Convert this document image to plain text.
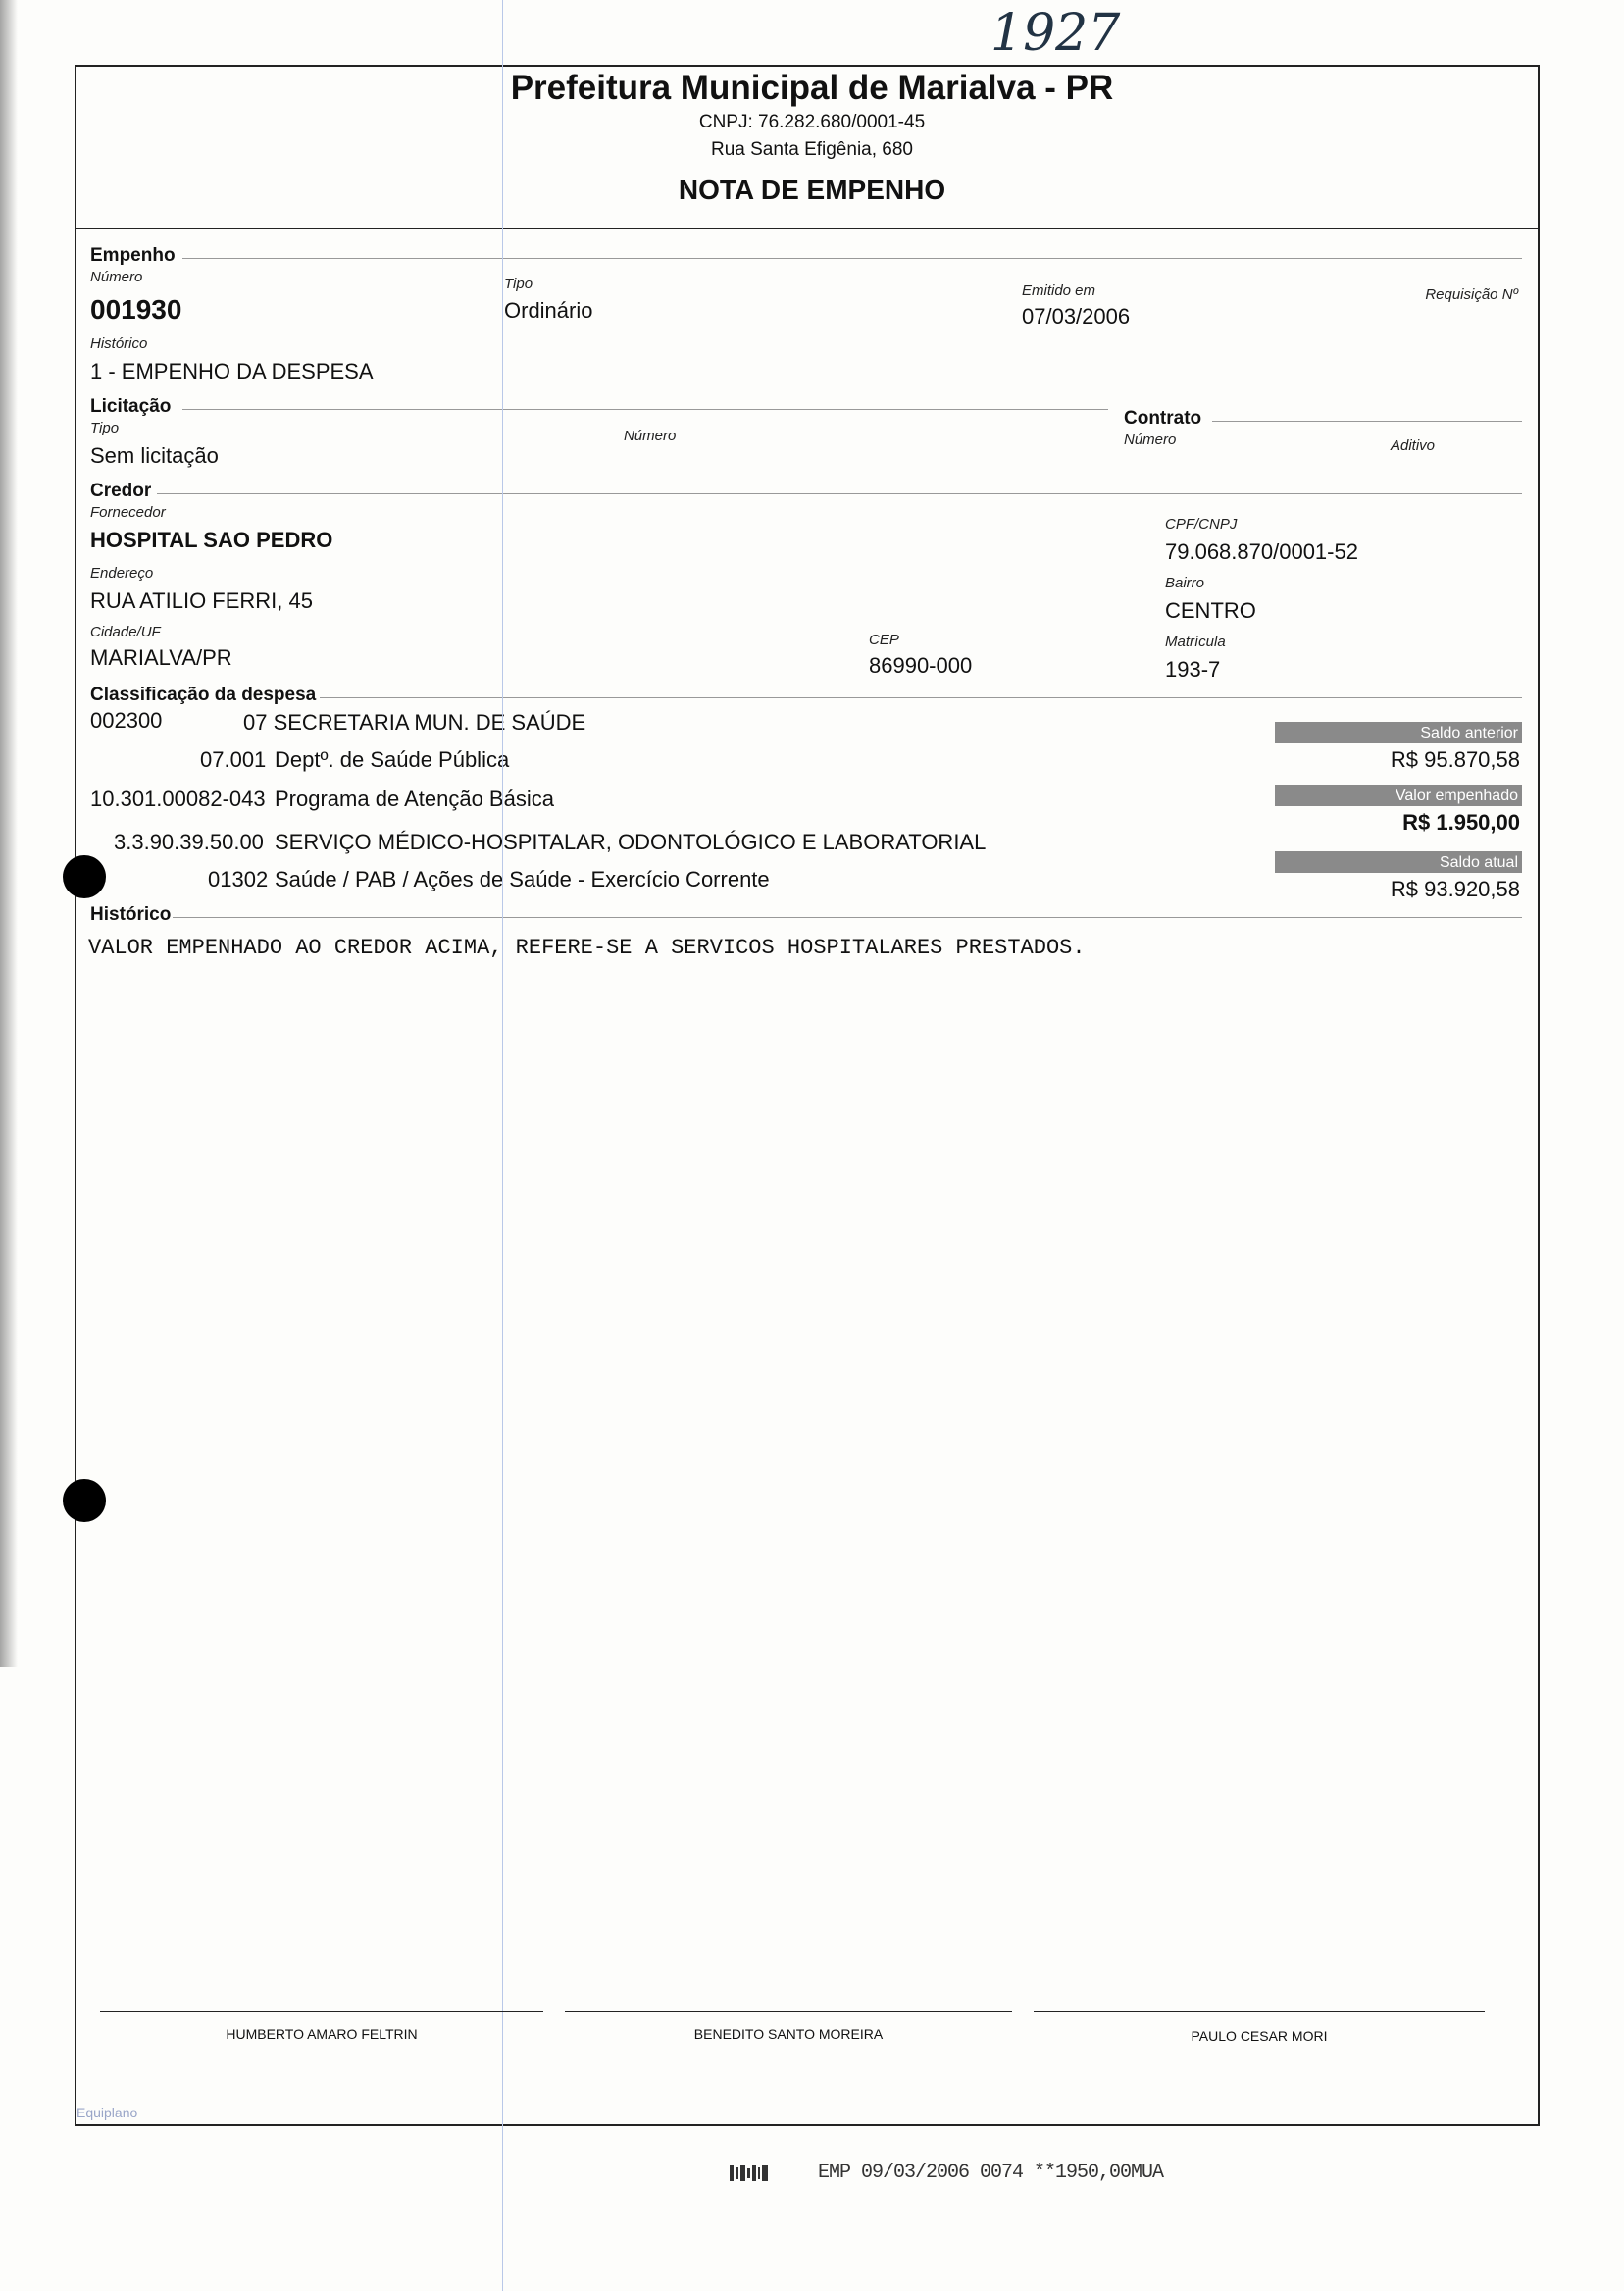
1927
Prefeitura Municipal de Marialva - PR
CNPJ: 76.282.680/0001-45
Rua Santa Efigênia, 680
NOTA DE EMPENHO
Empenho
Número
001930
Tipo
Ordinário
Emitido em
07/03/2006
Requisição Nº
Histórico
1 - EMPENHO DA DESPESA
Licitação
Tipo
Sem licitação
Número
Contrato
Número	Aditivo
Credor
Fornecedor
HOSPITAL SAO PEDRO
CPF/CNPJ
79.068.870/0001-52
Endereço
RUA ATILIO FERRI, 45
Bairro
CENTRO
Cidade/UF
MARIALVA/PR
CEP
86990-000
Matrícula
193-7
Classificação da despesa
002300	07 SECRETARIA MUN. DE SAÚDE
07.001 Deptº. de Saúde Pública
10.301.00082-043 Programa de Atenção Básica
3.3.90.39.50.00 SERVIÇO MÉDICO-HOSPITALAR, ODONTOLÓGICO E LABORATORIAL
01302 Saúde / PAB / Ações de Saúde - Exercício Corrente
Saldo anterior
R$ 95.870,58
Valor empenhado
R$ 1.950,00
Saldo atual
R$ 93.920,58
Histórico
VALOR EMPENHADO AO CREDOR ACIMA, REFERE-SE A SERVICOS HOSPITALARES PRESTADOS.
HUMBERTO AMARO FELTRIN	BENEDITO SANTO MOREIRA	PAULO CESAR MORI
Equiplano
EMP 09/03/2006 0074 **1950,00MUA
